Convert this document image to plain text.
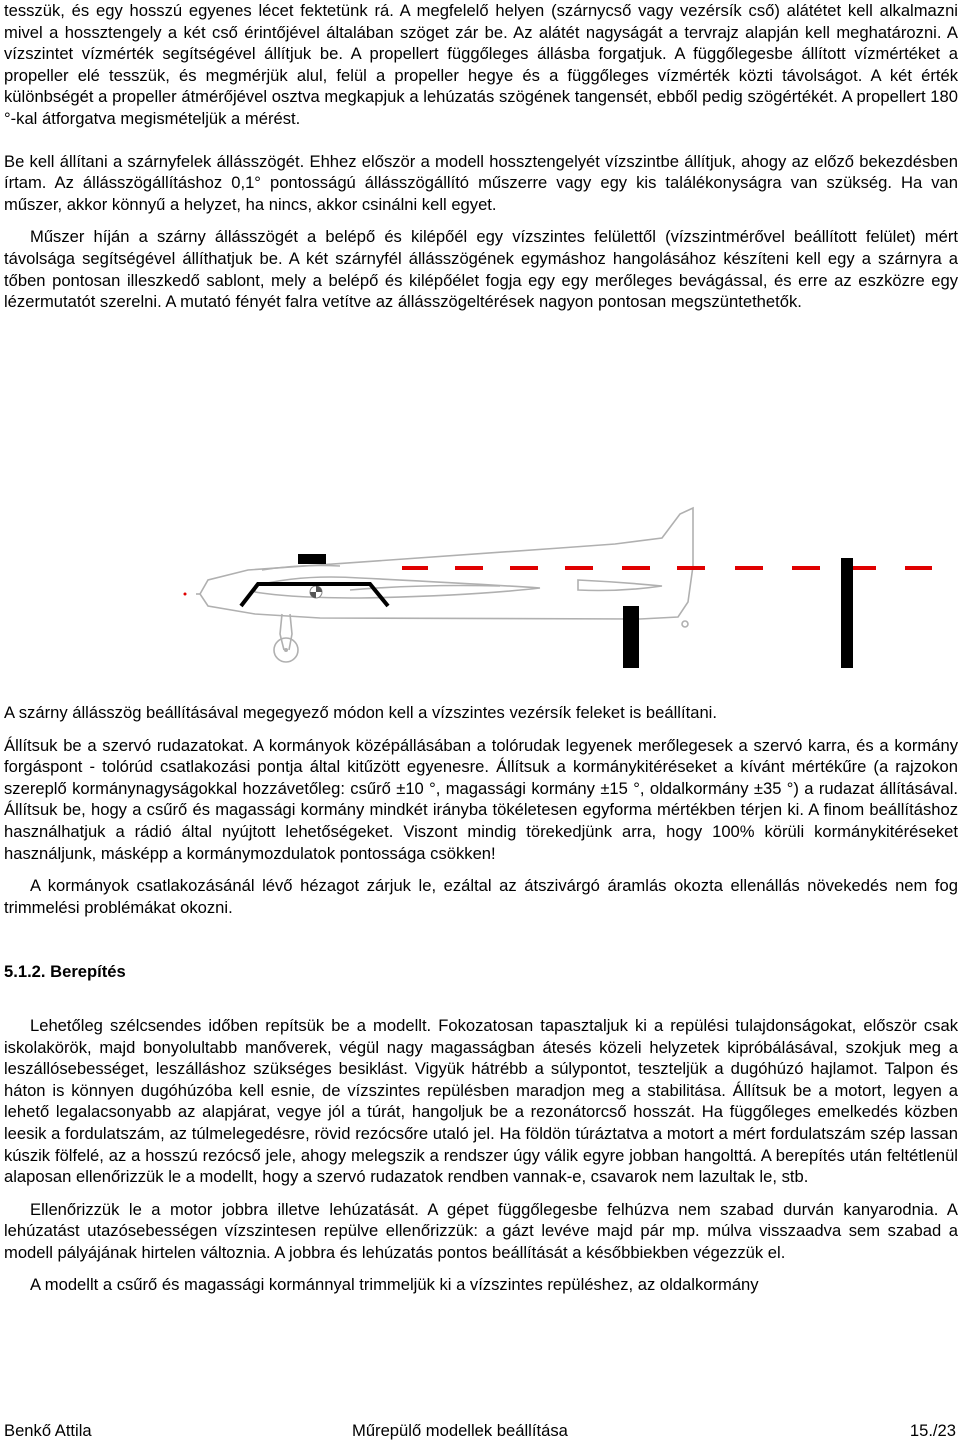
tesszük, és egy hosszú egyenes lécet fektetünk rá. A megfelelő helyen (szárnycső vagy vezérsík cső) alátétet kell alkalmazni mivel a hossztengely a két cső érintőjével általában szöget zár be. Az alátét nagyságát a tervrajz alapján kell meghatározni. A vízszintet vízmérték segítségével állítjuk be. A propellert függőleges állásba forgatjuk. A függőlegesbe állított vízmértéket a propeller elé tesszük, és megmérjük alul, felül a propeller hegye és a függőleges vízmérték közti távolságot. A két érték különbségét a propeller átmérőjével osztva megkapjuk a lehúzatás szögének tangensét, ebből pedig szögértékét. A propellert 180 °-kal átforgatva megismételjük a mérést.

Be kell állítani a szárnyfelek állásszögét. Ehhez először a modell hossztengelyét vízszintbe állítjuk, ahogy az előző bekezdésben írtam. Az állásszögállításhoz 0,1° pontosságú állásszögállító műszerre vagy egy kis találékonyságra van szükség. Ha van műszer, akkor könnyű a helyzet, ha nincs, akkor csinálni kell egyet.

Műszer híján a szárny állásszögét a belépő és kilépőél egy vízszintes felülettől (vízszintmérővel beállított felület) mért távolsága segítségével állíthatjuk be. A két szárnyfél állásszögének egymáshoz hangolásához készíteni kell egy a szárnyra a tőben pontosan illeszkedő sablont, mely a belépő és kilépőélet fogja egy egy merőleges bevágással, és erre az eszközre egy lézermutatót szerelni. A mutató fényét falra vetítve az állásszögeltérések nagyon pontosan megszüntethetők.

A szárny állásszög beállításával megegyező módon kell a vízszintes vezérsík feleket is beállítani.

Állítsuk be a szervó rudazatokat. A kormányok középállásában a tolórudak legyenek merőlegesek a szervó karra, és a kormány forgáspont - tolórúd csatlakozási pontja által kitűzött egyenesre. Állítsuk a kormánykitéréseket a kívánt mértékűre (a rajzokon szereplő kormánynagyságokkal hozzávetőleg: csűrő ±10 °, magassági kormány ±15 °, oldalkormány ±35 °) a rudazat állításával. Állítsuk be, hogy a csűrő és magassági kormány mindkét irányba tökéletesen egyforma mértékben térjen ki. A finom beállításhoz használhatjuk a rádió által nyújtott lehetőségeket. Viszont mindig törekedjünk arra, hogy 100% körüli kormánykitéréseket használjunk, másképp a kormánymozdulatok pontossága csökken!

A kormányok csatlakozásánál lévő hézagot zárjuk le, ezáltal az átszivárgó áramlás okozta ellenállás növekedés nem fog trimmelési problémákat okozni.

5.1.2. Berepítés

Lehetőleg szélcsendes időben repítsük be a modellt. Fokozatosan tapasztaljuk ki a repülési tulajdonságokat, először csak iskolakörök, majd bonyolultabb manőverek, végül nagy magasságban átesés közeli helyzetek kipróbálásával, szokjuk meg a leszállósebességet, leszálláshoz szükséges besiklást. Vigyük hátrébb a súlypontot, teszteljük a dugóhúzó hajlamot. Talpon és háton is könnyen dugóhúzóba kell esnie, de vízszintes repülésben maradjon meg a stabilitása. Állítsuk be a motort, legyen a lehető legalacsonyabb az alapjárat, vegye jól a túrát, hangoljuk be a rezonátorcső hosszát. Ha függőleges emelkedés közben leesik a fordulatszám, az túlmelegedésre, rövid rezócsőre utaló jel. Ha földön túráztatva a motort a mért fordulatszám szép lassan kúszik fölfelé, az a hosszú rezócső jele, ahogy melegszik a rendszer úgy válik egyre jobban hangolttá. A berepítés után feltétlenül alaposan ellenőrizzük le a modellt, hogy a szervó rudazatok rendben vannak-e, csavarok nem lazultak le, stb.

Ellenőrizzük le a motor jobbra illetve lehúzatását. A gépet függőlegesbe felhúzva nem szabad durván kanyarodnia. A lehúzatást utazósebességen vízszintesen repülve ellenőrizzük: a gázt levéve majd pár mp. múlva visszaadva sem szabad a modell pályájának hirtelen változnia. A jobbra és lehúzatás pontos beállítását a későbbiekben végezzük el.

A modellt a csűrő és magassági kormánnyal trimmeljük ki a vízszintes repüléshez, az oldalkormány

Benkő Attila	Műrepülő modellek beállítása	15./23
